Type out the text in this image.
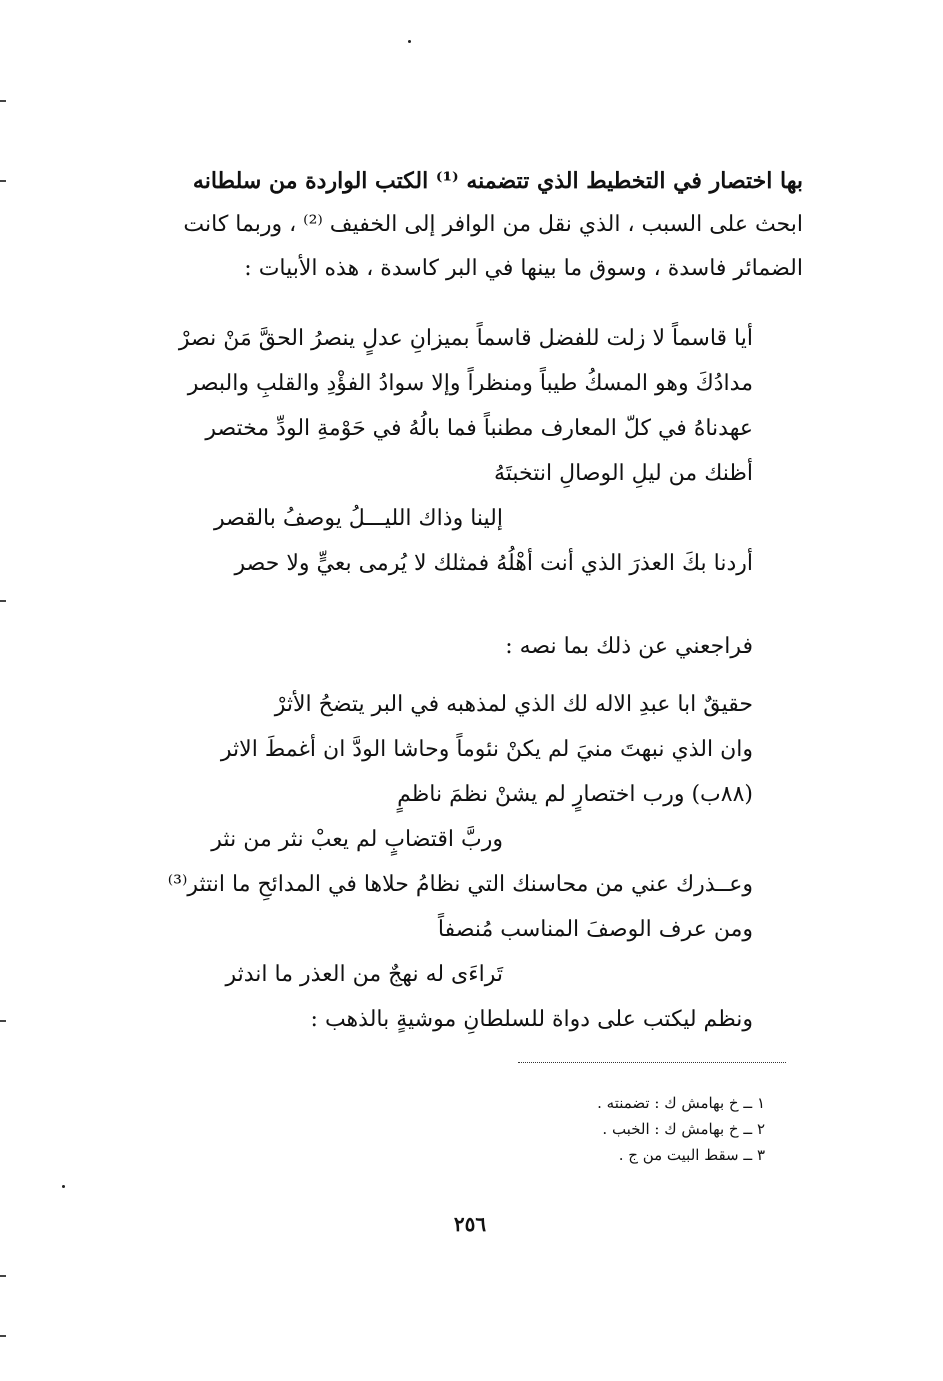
بها اختصار في التخطيط الذي تتضمنه ⁽¹⁾ الكتب الواردة من سلطانه
ابحث على السبب ، الذي نقل من الوافر إلى الخفيف ⁽²⁾ ، وربما كانت
الضمائر فاسدة ، وسوق ما بينها في البر كاسدة ، هذه الأبيات :
أيا قاسماً لا زلت للفضل قاسماً بميزانِ عدلٍ ينصرُ الحقَّ مَنْ نصرْ
مدادُكَ وهو المسكُ طيباً ومنظراً وإلا سوادُ الفؤْدِ والقلبِ والبصر
عهدناهُ في كلّ المعارف مطنباً فما بالُهُ في حَوْمةِ الودِّ مختصر
أظنك من ليلِ الوصالِ انتخبتَهُ
إلينا وذاك الليـــلُ يوصفُ بالقصر
أردنا بكَ العذرَ الذي أنت أهْلُهُ فمثلك لا يُرمى بعيٍّ ولا حصر
فراجعني عن ذلك بما نصه :
حقيقٌ ابا عبدِ الاله لك الذي لمذهبه في البر يتضحُ الأثرْ
وان الذي نبهتَ منيَ لم يكنْ نئوماً وحاشا الودَّ ان أغمطَ الاثر
(٨٨ب) ورب اختصارٍ لم يشنْ نظمَ ناظمٍ
وربَّ اقتضابٍ لم يعبْ نثر من نثر
وعــذرك عني من محاسنك التي نظامُ حلاها في المدائحِ ما انتثر⁽³⁾
ومن عرف الوصفَ المناسب مُنصفاً
تَراءَى له نهجٌ من العذر ما اندثر
ونظم ليكتب على دواة للسلطانِ موشيةٍ بالذهب :
١ ــ خ بهامش ك : تضمنته .
٢ ــ خ بهامش ك : الخبب .
٣ ــ سقط البيت من ج .
٢٥٦
